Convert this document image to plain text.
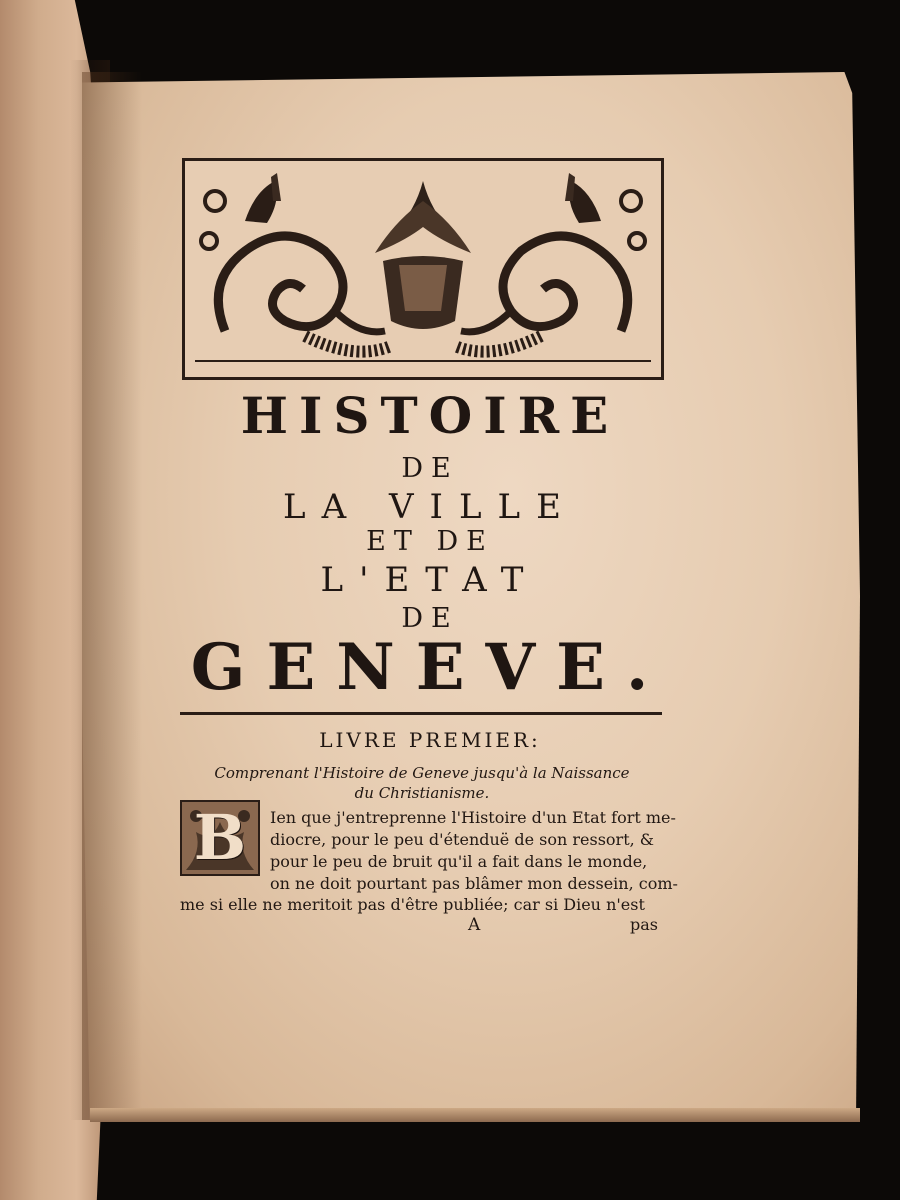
HISTOIRE
DE
LA VILLE
ET DE
L'ETAT
DE
GENEVE.
LIVRE PREMIER:
Comprenant l'Histoire de Geneve jusqu'à la Naissance
du Christianisme.
B	Ien que j'entreprenne l'Histoire d'un Etat fort me-
diocre, pour le peu d'étenduë de son ressort, &
pour le peu de bruit qu'il a fait dans le monde,
on ne doit pourtant pas blâmer mon dessein, com-
me si elle ne meritoit pas d'être publiée; car si Dieu n'est
A	pas
